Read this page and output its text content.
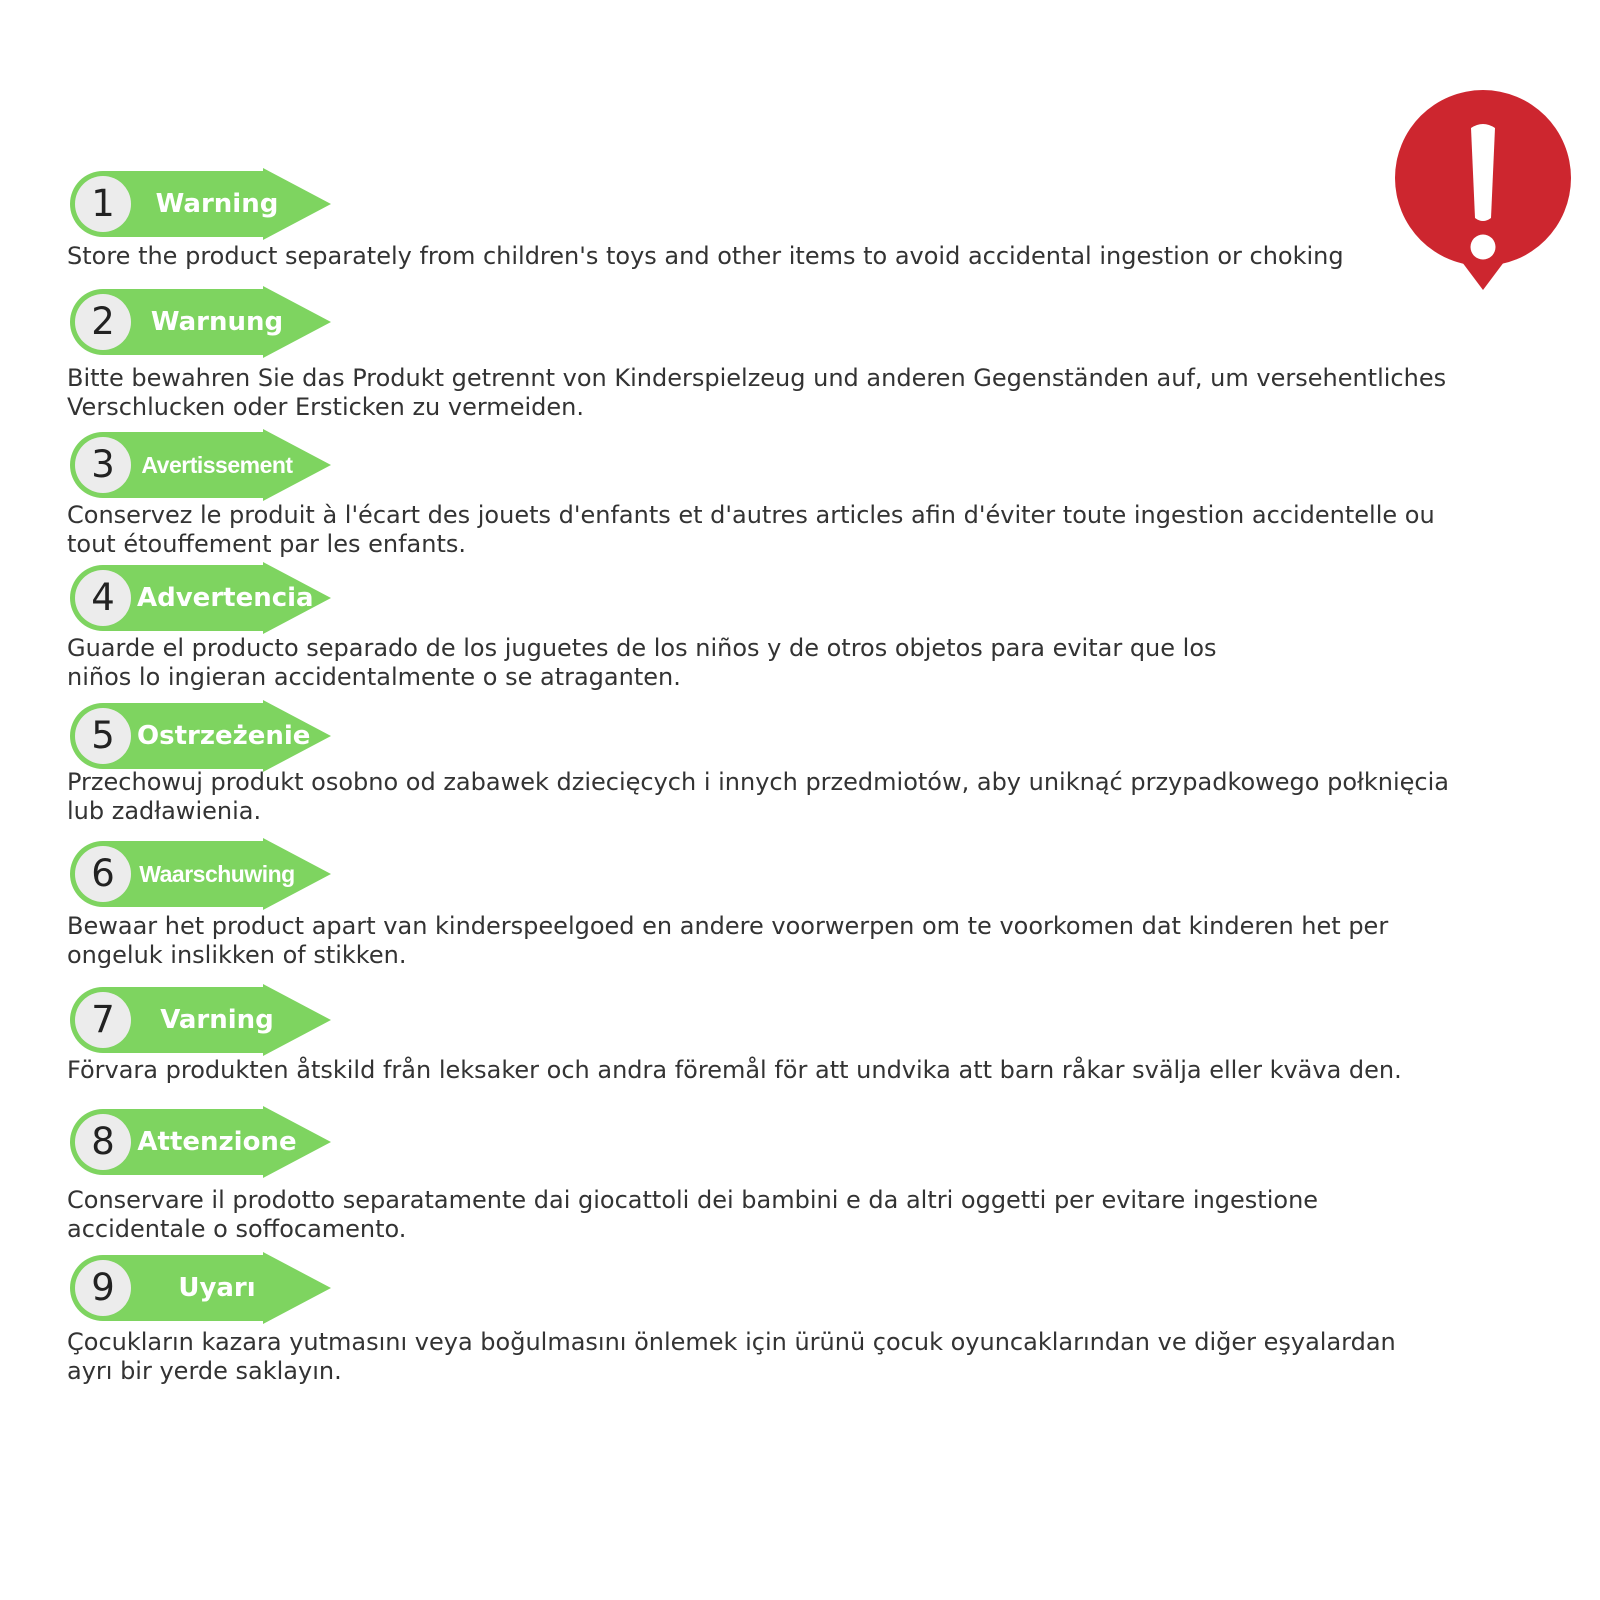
1	Warning

Store the product separately from children's toys and other items to avoid accidental ingestion or choking

2	Warnung

Bitte bewahren Sie das Produkt getrennt von Kinderspielzeug und anderen Gegenständen auf, um versehentliches
Verschlucken oder Ersticken zu vermeiden.

3	Avertissement

Conservez le produit à l'écart des jouets d'enfants et d'autres articles afin d'éviter toute ingestion accidentelle ou
tout étouffement par les enfants.

4 Advertencia

Guarde el producto separado de los juguetes de los niños y de otros objetos para evitar que los
niños lo ingieran accidentalmente o se atraganten.

5 Ostrzeżenie

Przechowuj produkt osobno od zabawek dziecięcych i innych przedmiotów, aby uniknąć przypadkowego połknięcia
lub zadławienia.

6	Waarschuwing

Bewaar het product apart van kinderspeelgoed en andere voorwerpen om te voorkomen dat kinderen het per
ongeluk inslikken of stikken.

7	Varning

Förvara produkten åtskild från leksaker och andra föremål för att undvika att barn råkar svälja eller kväva den.

8 Attenzione

Conservare il prodotto separatamente dai giocattoli dei bambini e da altri oggetti per evitare ingestione
accidentale o soffocamento.

9	Uyarı

Çocukların kazara yutmasını veya boğulmasını önlemek için ürünü çocuk oyuncaklarından ve diğer eşyalardan
ayrı bir yerde saklayın.
